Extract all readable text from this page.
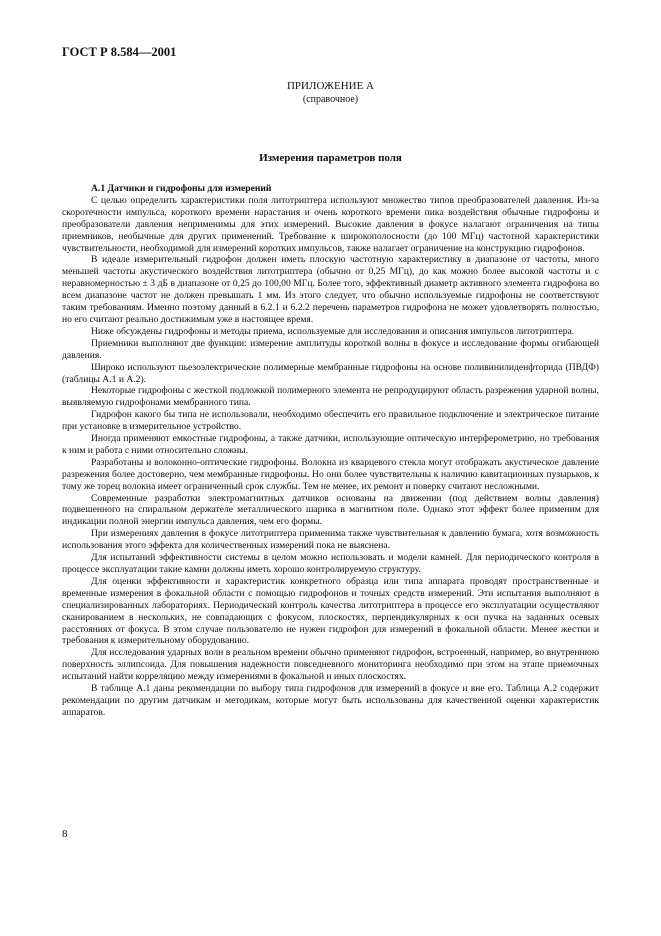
ГОСТ Р 8.584—2001
ПРИЛОЖЕНИЕ А
(справочное)
Измерения параметров поля
А.1 Датчики и гидрофоны для измерений

С целью определить характеристики поля литотриптера используют множество типов преобразователей давления. Из-за скоротечности импульса, короткого времени нарастания и очень короткого времени пика воздействия обычные гидрофоны и преобразователи давления неприменимы для этих измерений. Высокие давления в фокусе налагают ограничения на типы приемников, необычные для других применений. Требование к широкополосности (до 100 МГц) частотной характеристики чувствительности, необходимой для измерений коротких импульсов, также налагает ограничение на конструкцию гидрофонов.

В идеале измерительный гидрофон должен иметь плоскую частотную характеристику в диапазоне от частоты, много меньшей частоты акустического воздействия литотриптера (обычно от 0,25 МГц), до как можно более высокой частоты и с неравномерностью ± 3 дБ в диапазоне от 0,25 до 100,00 МГц. Более того, эффективный диаметр активного элемента гидрофона во всем диапазоне частот не должен превышать 1 мм. Из этого следует, что обычно используемые гидрофоны не соответствуют таким требованиям. Именно поэтому данный в 6.2.1 и 6.2.2 перечень параметров гидрофона не может удовлетворять полностью, но его считают реально достижимым уже в настоящее время.

Ниже обсуждены гидрофоны и методы приема, используемые для исследования и описания импульсов литотриптера.

Приемники выполняют две функции: измерение амплитуды короткой волны в фокусе и исследование формы огибающей давления.

Широко используют пьезоэлектрические полимерные мембранные гидрофоны на основе поливинилиденфторида (ПВДФ) (таблицы А.1 и А.2).

Некоторые гидрофоны с жесткой подложкой полимерного элемента не репродуцируют область разрежения ударной волны, выявляемую гидрофонами мембранного типа.

Гидрофон какого бы типа не использовали, необходимо обеспечить его правильное подключение и электрическое питание при установке в измерительное устройство.

Иногда применяют емкостные гидрофоны, а также датчики, использующие оптическую интерферометрию, но требования к ним и работа с ними относительно сложны.

Разработаны и волоконно-оптические гидрофоны. Волокна из кварцевого стекла могут отображать акустическое давление разрежения более достоверно, чем мембранные гидрофоны. Но они более чувствительны к наличию кавитационных пузырьков, к тому же торец волокна имеет ограниченный срок службы. Тем не менее, их ремонт и поверку считают несложными.

Современные разработки электромагнитных датчиков основаны на движении (под действием волны давления) подвешенного на спиральном держателе металлического шарика в магнитном поле. Однако этот эффект более применим для индикации полной энергии импульса давления, чем его формы.

При измерениях давления в фокусе литотриптера применима также чувствительная к давлению бумага, хотя возможность использования этого эффекта для количественных измерений пока не выяснена.

Для испытаний эффективности системы в целом можно использовать и модели камней. Для периодического контроля в процессе эксплуатации такие камни должны иметь хорошо контролируемую структуру.

Для оценки эффективности и характеристик конкретного образца или типа аппарата проводят пространственные и временные измерения в фокальной области с помощью гидрофонов и точных средств измерений. Эти испытания выполняют в специализированных лабораториях. Периодический контроль качества литотриптера в процессе его эксплуатации осуществляют сканированием в нескольких, не совпадающих с фокусом, плоскостях, перпендикулярных к оси пучка на заданных осевых расстояниях от фокуса. В этом случае пользователю не нужен гидрофон для измерений в фокальной области. Менее жестки и требования к измерительному оборудованию.

Для исследования ударных волн в реальном времени обычно применяют гидрофон, встроенный, например, во внутреннюю поверхность эллипсоида. Для повышения надежности повседневного мониторинга необходимо при этом на этапе приемочных испытаний найти корреляцию между измерениями в фокальной и иных плоскостях.

В таблице А.1 даны рекомендации по выбору типа гидрофонов для измерений в фокусе и вне его. Таблица А.2 содержит рекомендации по другим датчикам и методикам, которые могут быть использованы для качественной оценки характеристик аппаратов.

8
